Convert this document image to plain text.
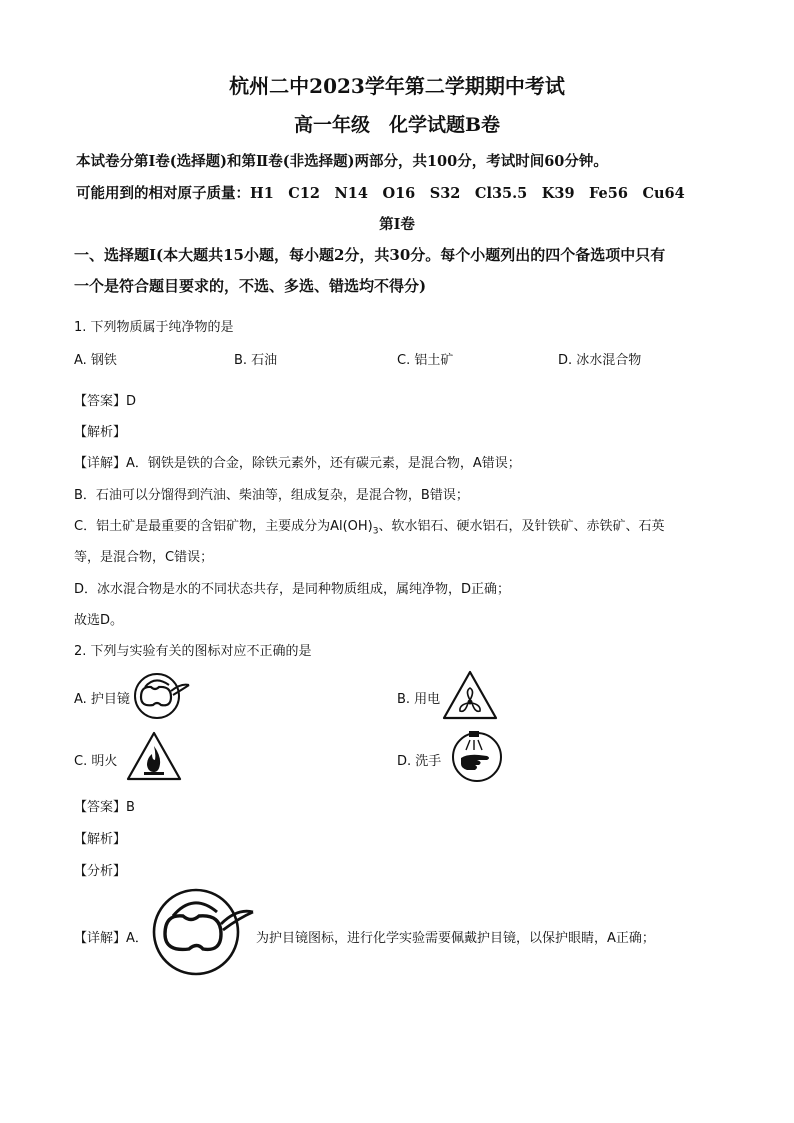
杭州二中2023学年第二学期期中考试
高一年级　化学试题B卷
本试卷分第Ⅰ卷(选择题)和第Ⅱ卷(非选择题)两部分，共100分，考试时间60分钟。
可能用到的相对原子质量：H1　C12　N14　O16　S32　Cl35.5　K39　Fe56　Cu64
第Ⅰ卷
一、选择题Ⅰ(本大题共15小题，每小题2分，共30分。每个小题列出的四个备选项中只有
一个是符合题目要求的，不选、多选、错选均不得分)
1. 下列物质属于纯净物的是
A. 钢铁	B. 石油	C. 铝土矿	D. 冰水混合物
【答案】D
【解析】
【详解】A．钢铁是铁的合金，除铁元素外，还有碳元素，是混合物，A错误；
B．石油可以分馏得到汽油、柴油等，组成复杂，是混合物，B错误；
C．铝土矿是最重要的含铝矿物，主要成分为$Al(OH)_3$、软水铝石、硬水铝石，及针铁矿、赤铁矿、石英
等，是混合物，C错误；
D．冰水混合物是水的不同状态共存，是同种物质组成，属纯净物，D正确；
故选D。
2. 下列与实验有关的图标对应不正确的是
A. 护目镜	B. 用电
C. 明火	D. 洗手
【答案】B
【解析】
【分析】
【详解】A．	为护目镜图标，进行化学实验需要佩戴护目镜，以保护眼睛，A正确；
